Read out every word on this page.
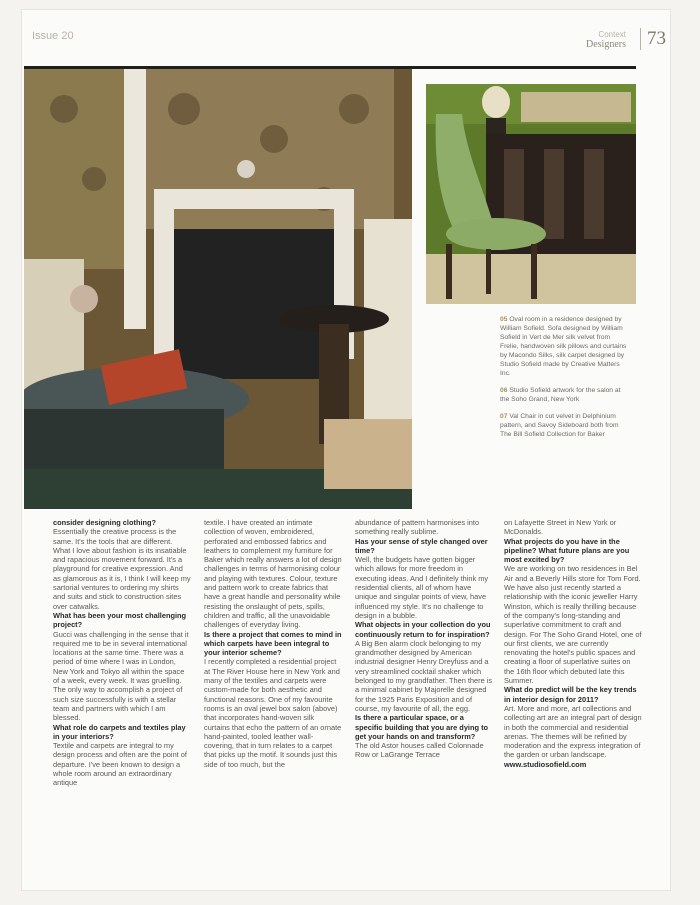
Issue 20	Context
Designers	73
05 Oval room in a residence designed by William Sofield. Sofa designed by William Sofield in Vert de Mer silk velvet from Frelie, handwoven silk pillows and curtains by Macondo Silks, silk carpet designed by Studio Sofield made by Creative Matters Inc.
06 Studio Sofield artwork for the salon at the Soho Grand, New York
07 Val Chair in cut velvet in Delphinium pattern, and Savoy Sideboard both from The Bill Sofield Collection for Baker

consider designing clothing?

Essentially the creative process is the same. It's the tools that are different. What I love about fashion is its insatiable and rapacious movement forward. It's a playground for creative expression. And as glamorous as it is, I think I will keep my sartorial ventures to ordering my shirts and suits and stick to construction sites over catwalks.

What has been your most challenging project?

Gucci was challenging in the sense that it required me to be in several international locations at the same time. There was a period of time where I was in London, New York and Tokyo all within the space of a week, every week. It was gruelling. The only way to accomplish a project of such size successfully is with a stellar team and partners with which I am blessed.

What role do carpets and textiles play in your interiors?

Textile and carpets are integral to my design process and often are the point of departure. I've been known to design a whole room around an extraordinary antique

textile. I have created an intimate collection of woven, embroidered, perforated and embossed fabrics and leathers to complement my furniture for Baker which really answers a lot of design challenges in terms of harmonising colour and playing with textures. Colour, texture and pattern work to create fabrics that have a great handle and personality while resisting the onslaught of pets, spills, children and traffic, all the unavoidable challenges of everyday living.

Is there a project that comes to mind in which carpets have been integral to your interior scheme?

I recently completed a residential project at The River House here in New York and many of the textiles and carpets were custom-made for both aesthetic and functional reasons. One of my favourite rooms is an oval jewel box salon (above) that incorporates hand-woven silk curtains that echo the pattern of an ornate hand-painted, tooled leather wall-covering, that in turn relates to a carpet that picks up the motif. It sounds just this side of too much, but the

abundance of pattern harmonises into something really sublime.

Has your sense of style changed over time?

Well, the budgets have gotten bigger which allows for more freedom in executing ideas. And I definitely think my residential clients, all of whom have unique and singular points of view, have influenced my style. It's no challenge to design in a bubble.

What objects in your collection do you continuously return to for inspiration?

A Big Ben alarm clock belonging to my grandmother designed by American industrial designer Henry Dreyfuss and a very streamlined cocktail shaker which belonged to my grandfather. Then there is a minimal cabinet by Majorelle designed for the 1925 Paris Exposition and of course, my favourite of all, the egg.

Is there a particular space, or a specific building that you are dying to get your hands on and transform?

The old Astor houses called Colonnade Row or LaGrange Terrace

on Lafayette Street in New York or McDonalds.

What projects do you have in the pipeline? What future plans are you most excited by?

We are working on two residences in Bel Air and a Beverly Hills store for Tom Ford. We have also just recently started a relationship with the iconic jeweller Harry Winston, which is really thrilling because of the company's long-standing and superlative commitment to craft and design. For The Soho Grand Hotel, one of our first clients, we are currently renovating the hotel's public spaces and creating a floor of superlative suites on the 16th floor which debuted late this Summer.

What do predict will be the key trends in interior design for 2011?

Art. More and more, art collections and collecting art are an integral part of design in both the commercial and residential arenas. The themes will be refined by moderation and the express integration of the garden or urban landscape.

www.studiosofield.com
